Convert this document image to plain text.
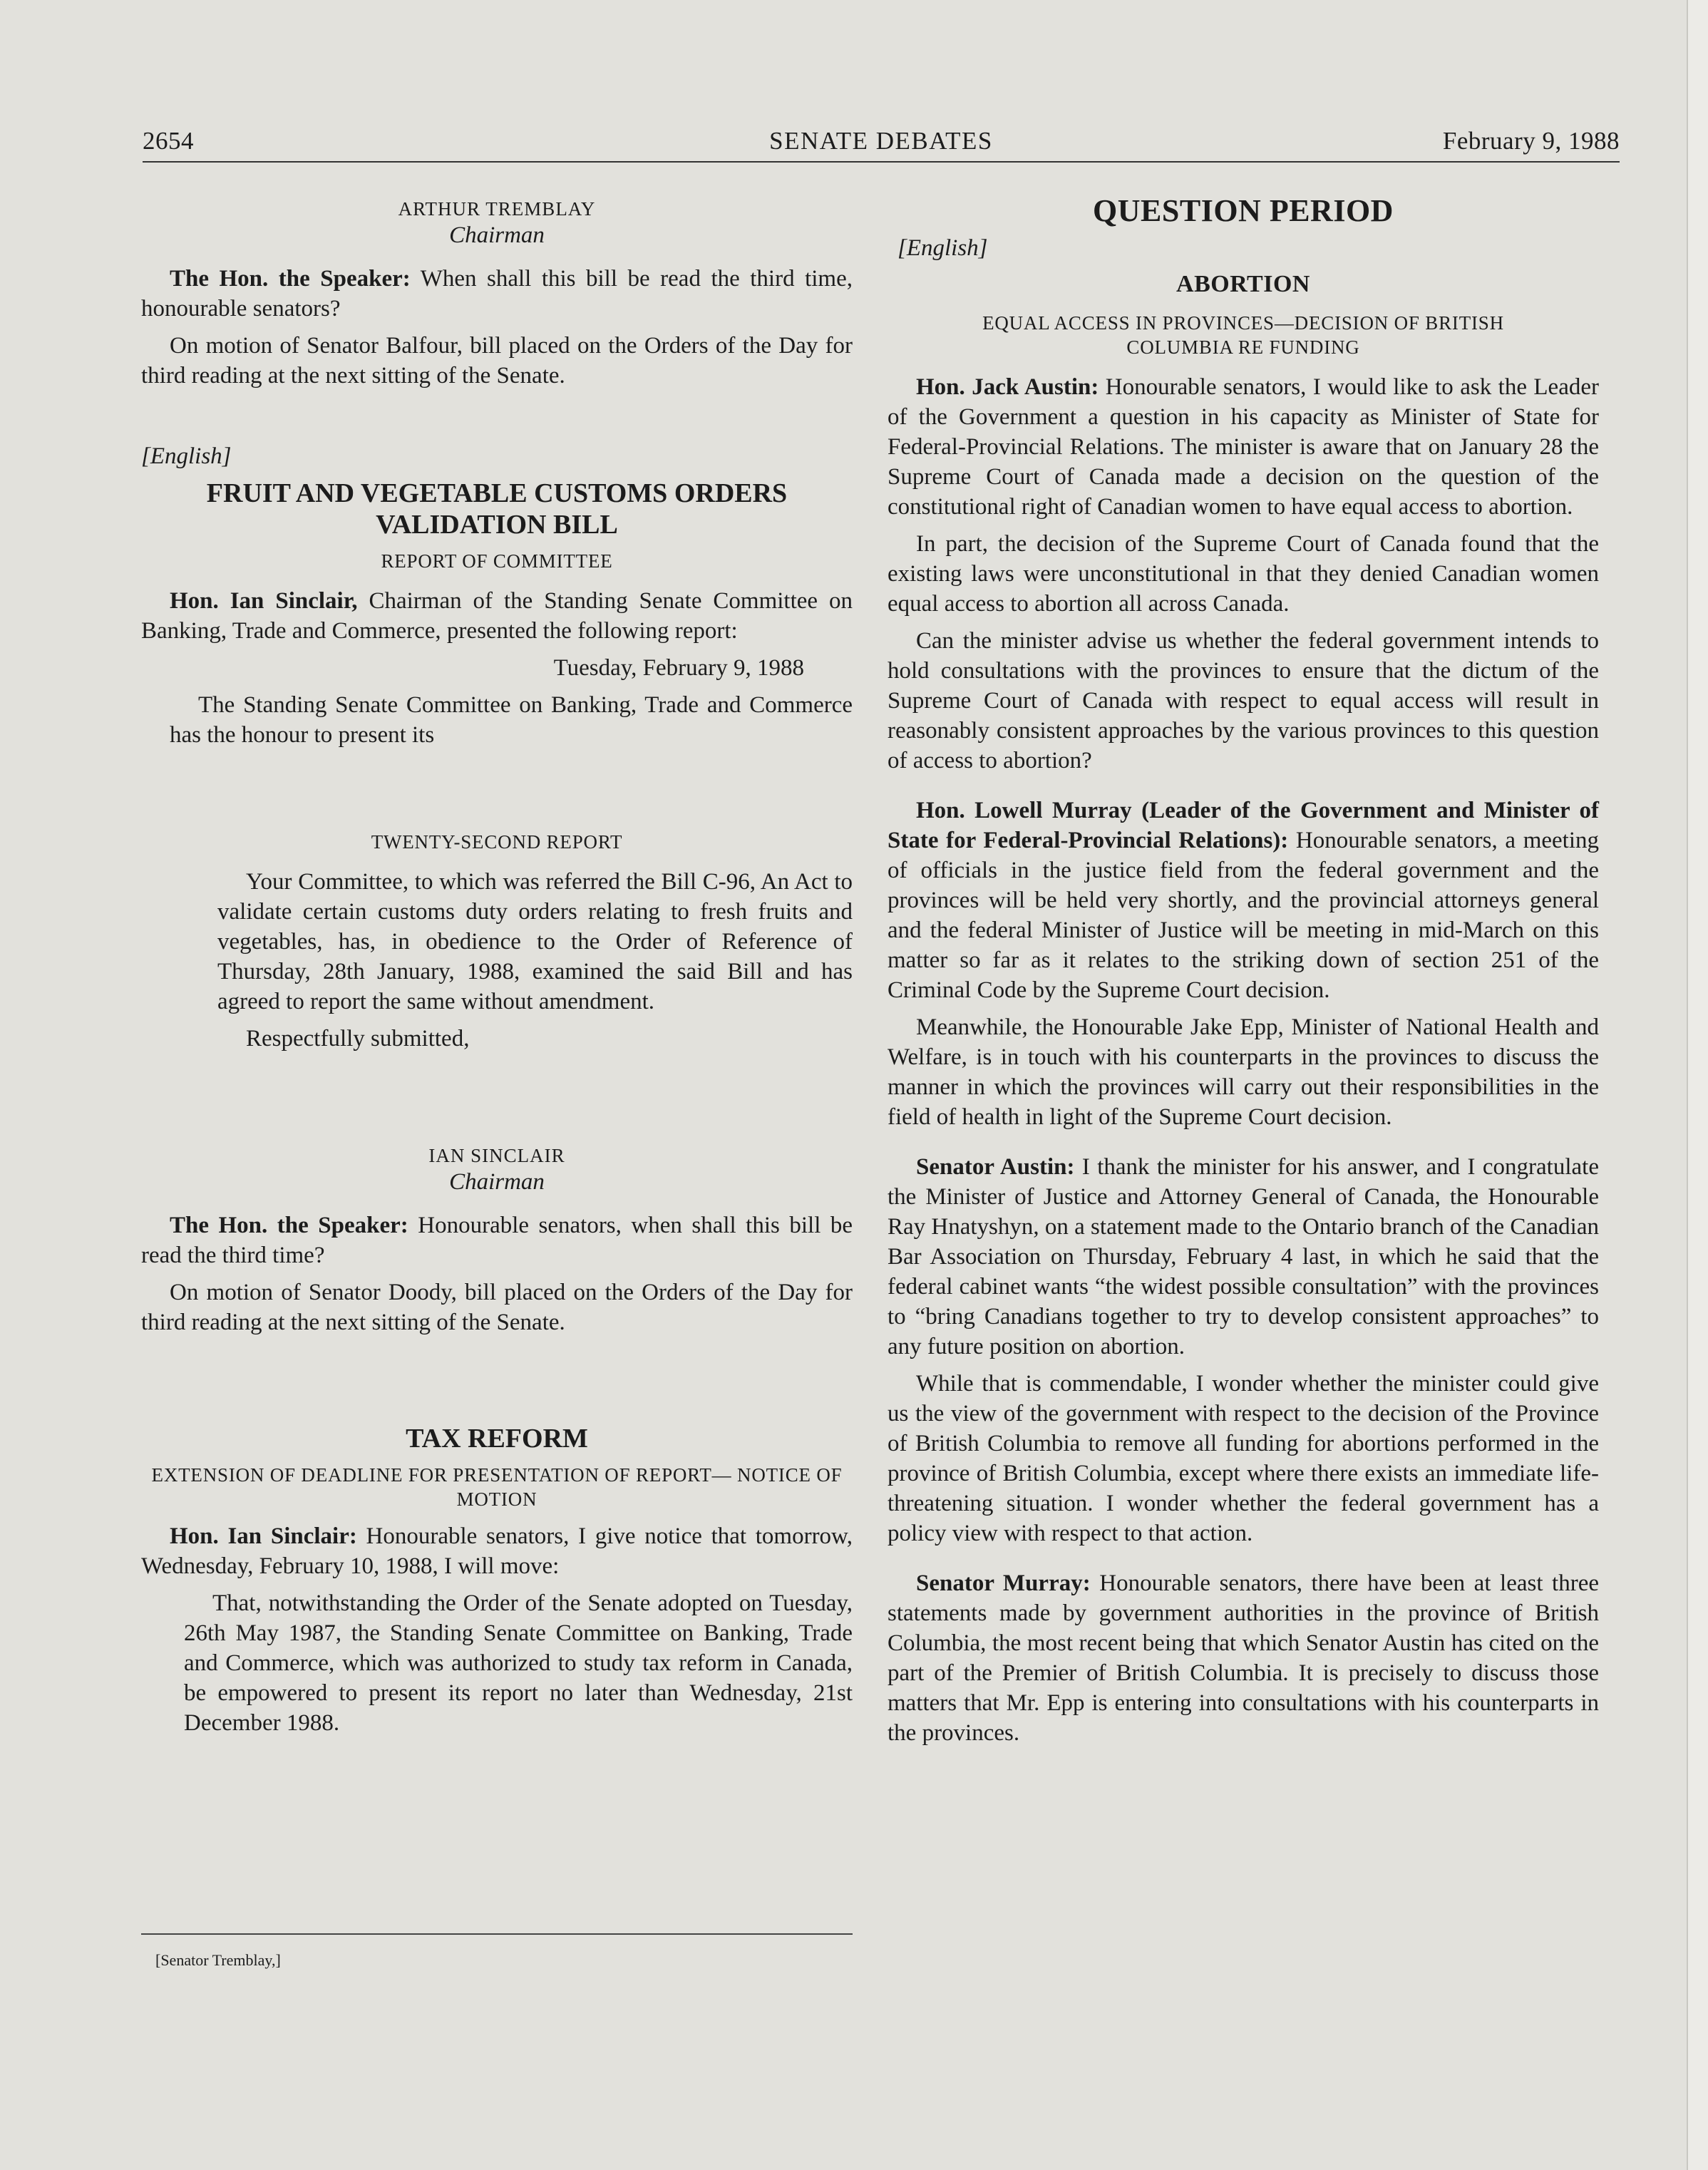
SENATE DEBATES
2654	February 9, 1988
ARTHUR TREMBLAY
Chairman

The Hon. the Speaker: When shall this bill be read the third time, honourable senators?

On motion of Senator Balfour, bill placed on the Orders of the Day for third reading at the next sitting of the Senate.

[English]
FRUIT AND VEGETABLE CUSTOMS ORDERS VALIDATION BILL
REPORT OF COMMITTEE

Hon. Ian Sinclair, Chairman of the Standing Senate Committee on Banking, Trade and Commerce, presented the following report:

Tuesday, February 9, 1988

The Standing Senate Committee on Banking, Trade and Commerce has the honour to present its

TWENTY-SECOND REPORT

Your Committee, to which was referred the Bill C-96, An Act to validate certain customs duty orders relating to fresh fruits and vegetables, has, in obedience to the Order of Reference of Thursday, 28th January, 1988, examined the said Bill and has agreed to report the same without amendment.

Respectfully submitted,

IAN SINCLAIR
Chairman

The Hon. the Speaker: Honourable senators, when shall this bill be read the third time?

On motion of Senator Doody, bill placed on the Orders of the Day for third reading at the next sitting of the Senate.

TAX REFORM
EXTENSION OF DEADLINE FOR PRESENTATION OF REPORT— NOTICE OF MOTION

Hon. Ian Sinclair: Honourable senators, I give notice that tomorrow, Wednesday, February 10, 1988, I will move:

That, notwithstanding the Order of the Senate adopted on Tuesday, 26th May 1987, the Standing Senate Committee on Banking, Trade and Commerce, which was authorized to study tax reform in Canada, be empowered to present its report no later than Wednesday, 21st December 1988.

[Senator Tremblay,]
QUESTION PERIOD
[English]
ABORTION
EQUAL ACCESS IN PROVINCES—DECISION OF BRITISH COLUMBIA RE FUNDING

Hon. Jack Austin: Honourable senators, I would like to ask the Leader of the Government a question in his capacity as Minister of State for Federal-Provincial Relations. The minister is aware that on January 28 the Supreme Court of Canada made a decision on the question of the constitutional right of Canadian women to have equal access to abortion.

In part, the decision of the Supreme Court of Canada found that the existing laws were unconstitutional in that they denied Canadian women equal access to abortion all across Canada.

Can the minister advise us whether the federal government intends to hold consultations with the provinces to ensure that the dictum of the Supreme Court of Canada with respect to equal access will result in reasonably consistent approaches by the various provinces to this question of access to abortion?

Hon. Lowell Murray (Leader of the Government and Minister of State for Federal-Provincial Relations): Honourable senators, a meeting of officials in the justice field from the federal government and the provinces will be held very shortly, and the provincial attorneys general and the federal Minister of Justice will be meeting in mid-March on this matter so far as it relates to the striking down of section 251 of the Criminal Code by the Supreme Court decision.

Meanwhile, the Honourable Jake Epp, Minister of National Health and Welfare, is in touch with his counterparts in the provinces to discuss the manner in which the provinces will carry out their responsibilities in the field of health in light of the Supreme Court decision.

Senator Austin: I thank the minister for his answer, and I congratulate the Minister of Justice and Attorney General of Canada, the Honourable Ray Hnatyshyn, on a statement made to the Ontario branch of the Canadian Bar Association on Thursday, February 4 last, in which he said that the federal cabinet wants “the widest possible consultation” with the provinces to “bring Canadians together to try to develop consistent approaches” to any future position on abortion.

While that is commendable, I wonder whether the minister could give us the view of the government with respect to the decision of the Province of British Columbia to remove all funding for abortions performed in the province of British Columbia, except where there exists an immediate life-threatening situation. I wonder whether the federal government has a policy view with respect to that action.

Senator Murray: Honourable senators, there have been at least three statements made by government authorities in the province of British Columbia, the most recent being that which Senator Austin has cited on the part of the Premier of British Columbia. It is precisely to discuss those matters that Mr. Epp is entering into consultations with his counterparts in the provinces.
